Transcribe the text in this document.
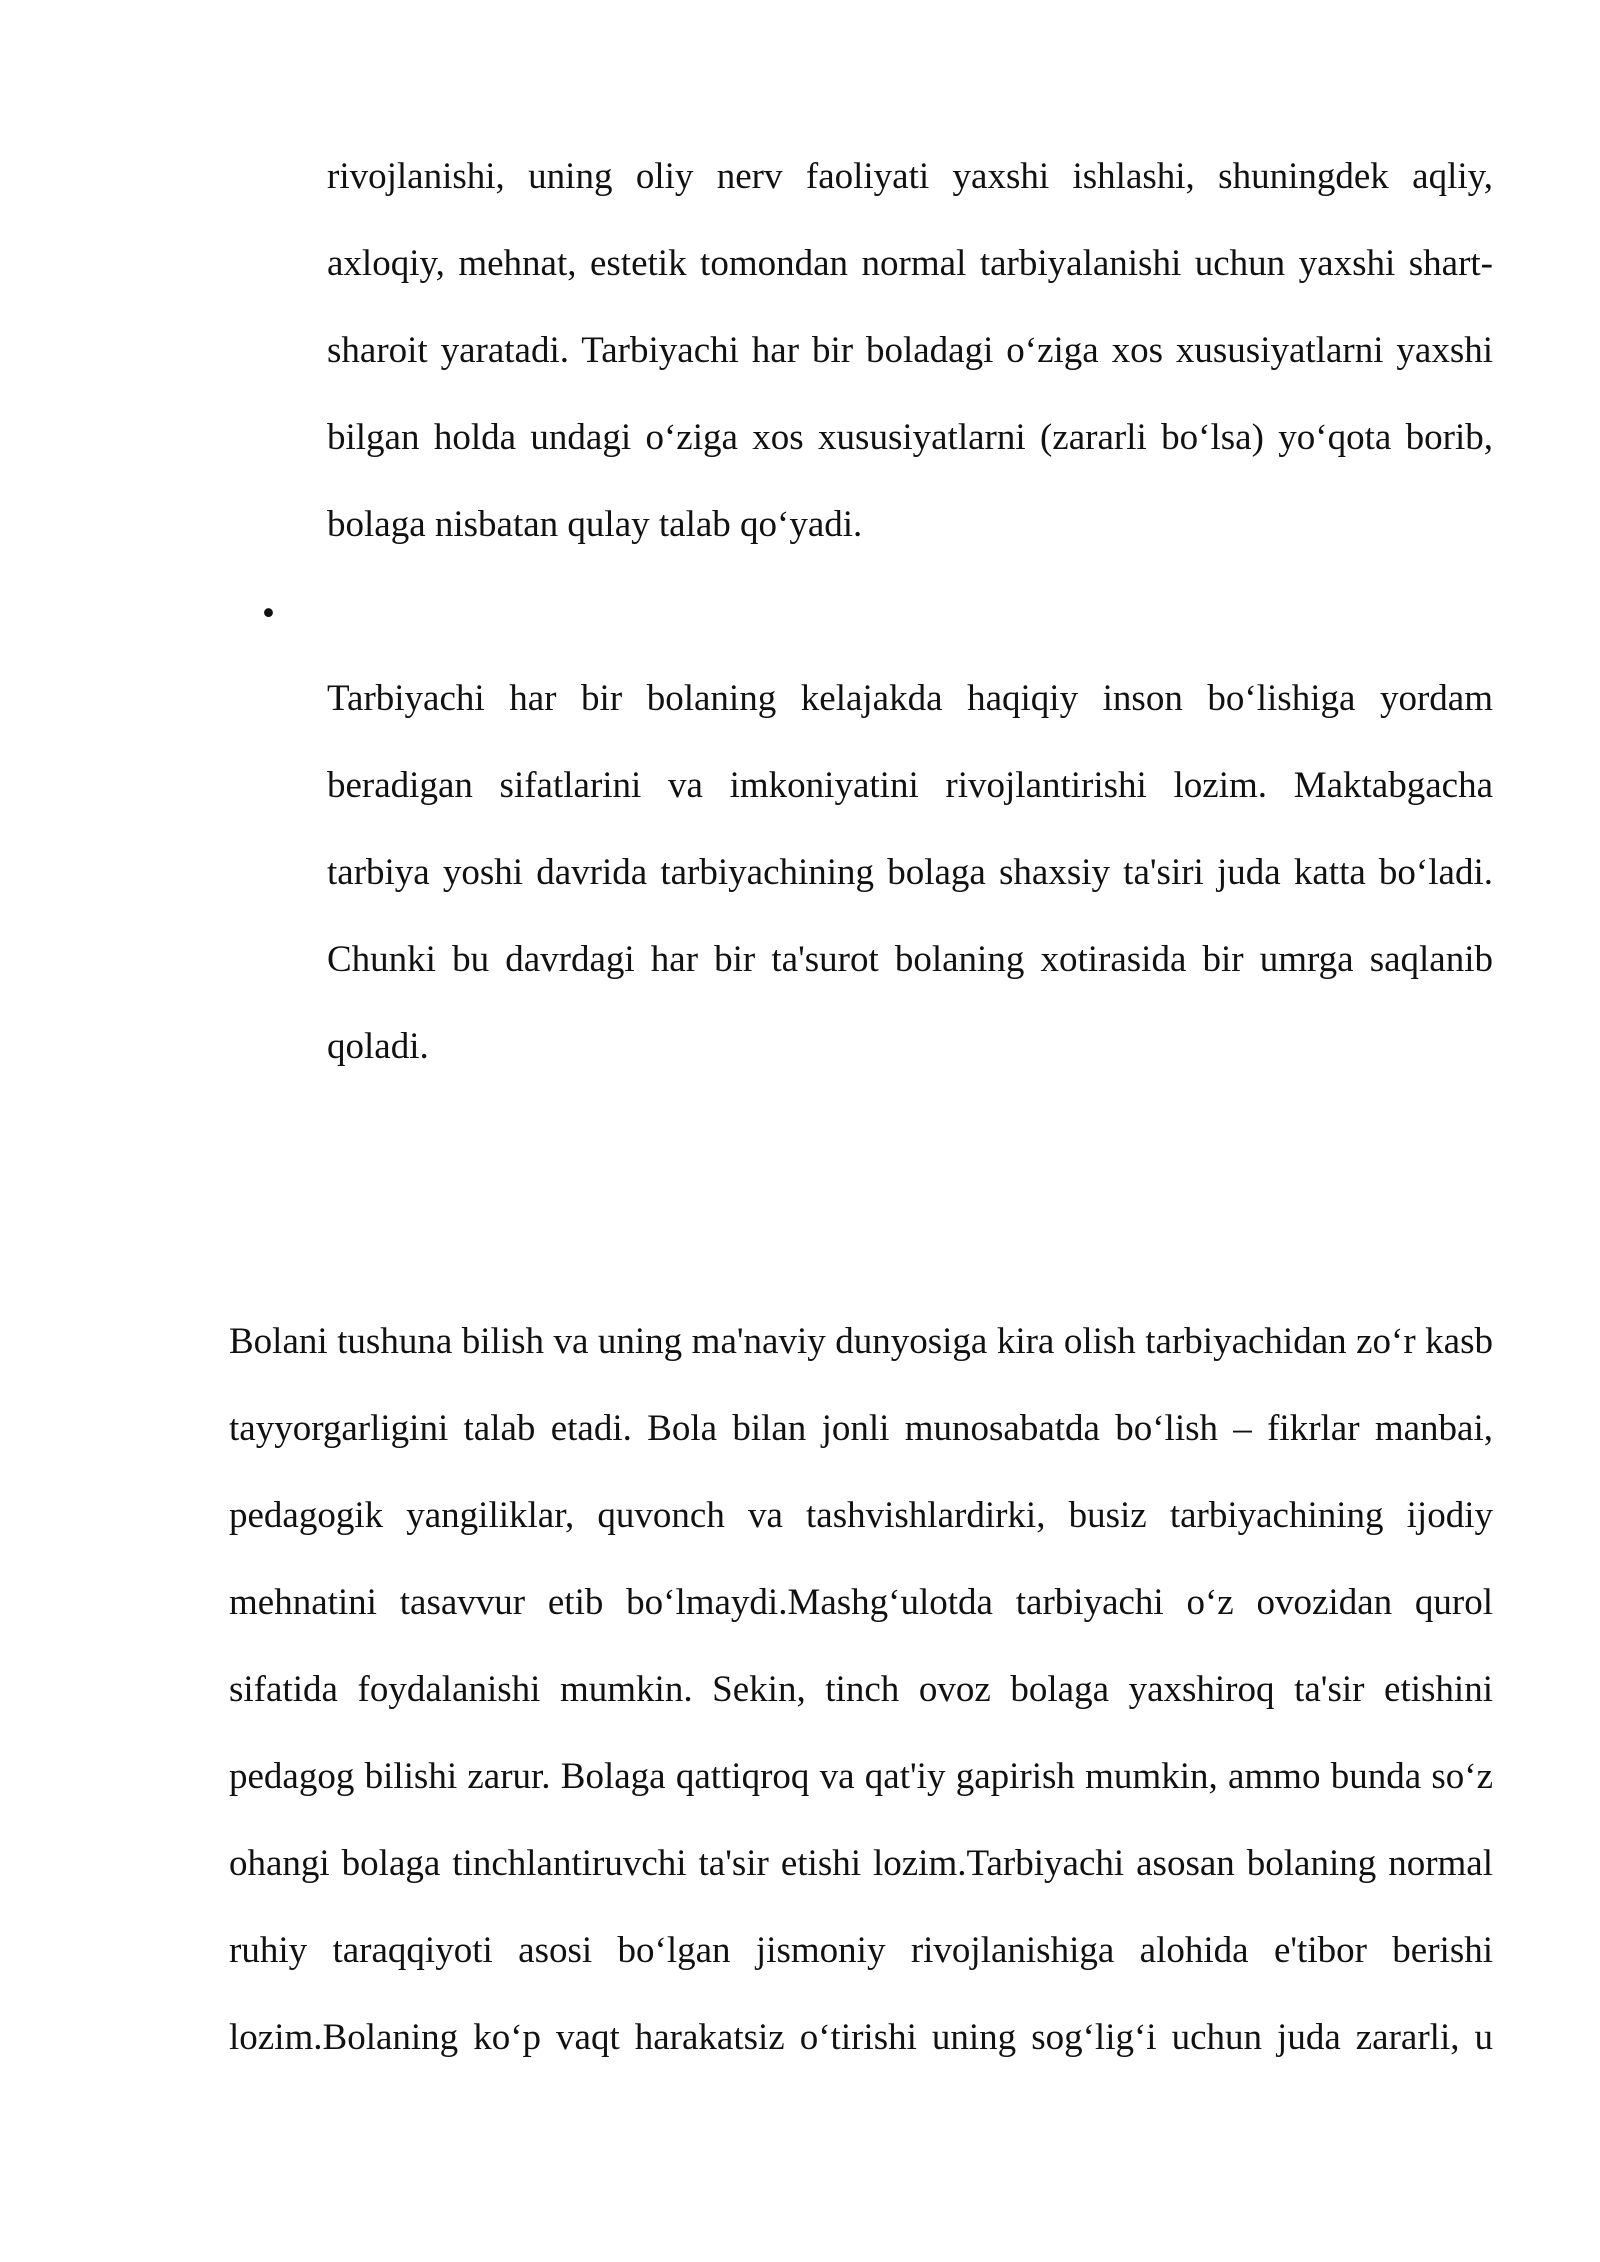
rivojlanishi, uning oliy nerv faoliyati yaxshi ishlashi, shuningdek aqliy,
axloqiy, mehnat, estetik tomondan normal tarbiyalanishi uchun yaxshi shart-
sharoit yaratadi. Tarbiyachi har bir boladagi o‘ziga xos xususiyatlarni yaxshi
bilgan holda undagi o‘ziga xos xususiyatlarni (zararli bo‘lsa) yo‘qota borib,
bolaga nisbatan qulay talab qo‘yadi.
•
Tarbiyachi har bir bolaning kelajakda haqiqiy inson bo‘lishiga yordam
beradigan sifatlarini va imkoniyatini rivojlantirishi lozim. Maktabgacha
tarbiya yoshi davrida tarbiyachining bolaga shaxsiy ta'siri juda katta bo‘ladi.
Chunki bu davrdagi har bir ta'surot bolaning xotirasida bir umrga saqlanib
qoladi.
Bolani tushuna bilish va uning ma'naviy dunyosiga kira olish tarbiyachidan zo‘r kasb
tayyorgarligini talab etadi. Bola bilan jonli munosabatda bo‘lish – fikrlar manbai,
pedagogik yangiliklar, quvonch va tashvishlardirki, busiz tarbiyachining ijodiy
mehnatini tasavvur etib bo‘lmaydi.Mashg‘ulotda tarbiyachi o‘z ovozidan qurol
sifatida foydalanishi mumkin. Sekin, tinch ovoz bolaga yaxshiroq ta'sir etishini
pedagog bilishi zarur. Bolaga qattiqroq va qat'iy gapirish mumkin, ammo bunda so‘z
ohangi bolaga tinchlantiruvchi ta'sir etishi lozim.Tarbiyachi asosan bolaning normal
ruhiy taraqqiyoti asosi bo‘lgan jismoniy rivojlanishiga alohida e'tibor berishi
lozim.Bolaning ko‘p vaqt harakatsiz o‘tirishi uning sog‘lig‘i uchun juda zararli, u
